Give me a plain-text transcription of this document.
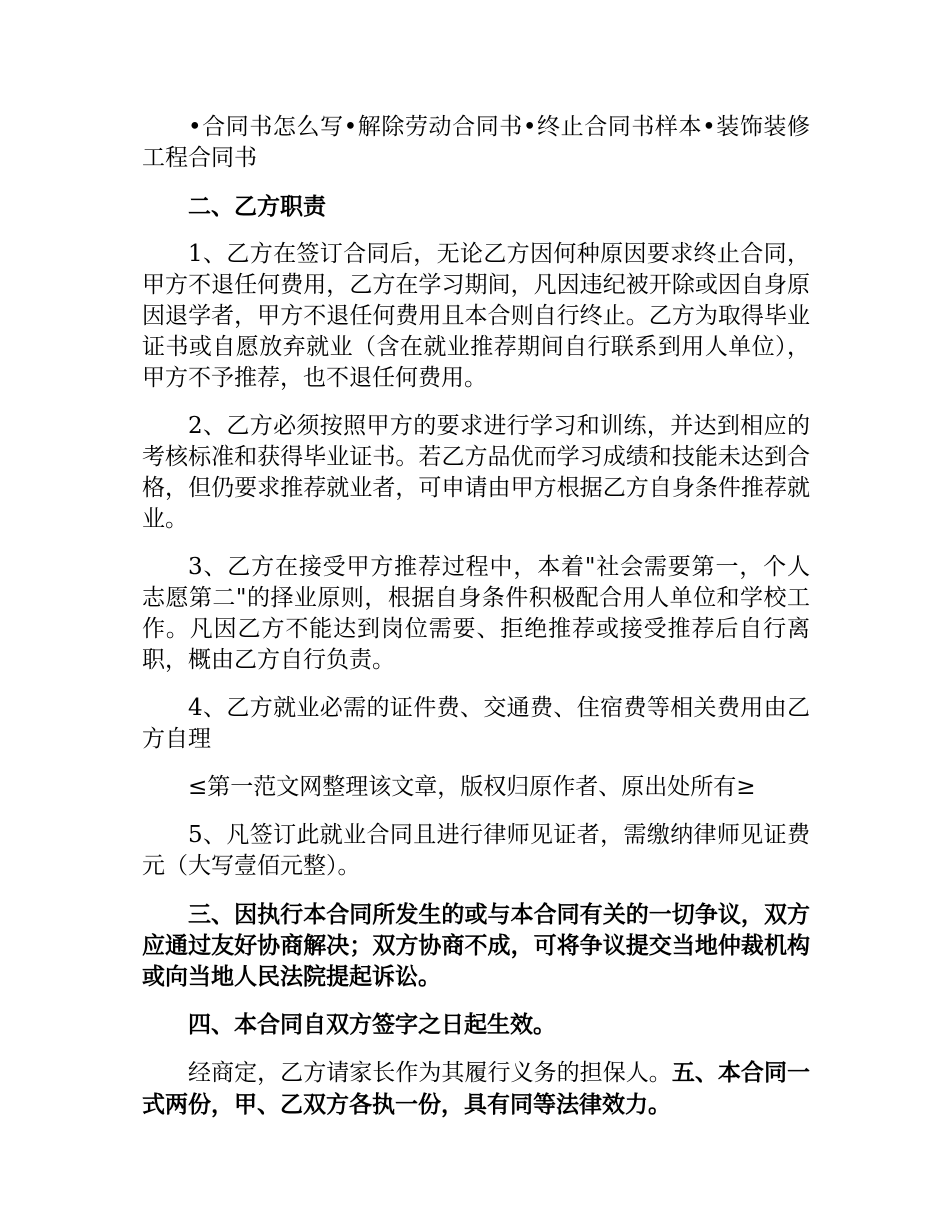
•合同书怎么写•解除劳动合同书•终止合同书样本•装饰装修工程合同书

二、乙方职责

1、乙方在签订合同后，无论乙方因何种原因要求终止合同，甲方不退任何费用，乙方在学习期间，凡因违纪被开除或因自身原因退学者，甲方不退任何费用且本合则自行终止。乙方为取得毕业证书或自愿放弃就业（含在就业推荐期间自行联系到用人单位），甲方不予推荐，也不退任何费用。

2、乙方必须按照甲方的要求进行学习和训练，并达到相应的考核标准和获得毕业证书。若乙方品优而学习成绩和技能未达到合格，但仍要求推荐就业者，可申请由甲方根据乙方自身条件推荐就业。

3、乙方在接受甲方推荐过程中，本着"社会需要第一，个人志愿第二"的择业原则，根据自身条件积极配合用人单位和学校工作。凡因乙方不能达到岗位需要、拒绝推荐或接受推荐后自行离职，概由乙方自行负责。

4、乙方就业必需的证件费、交通费、住宿费等相关费用由乙方自理

≤第一范文网整理该文章，版权归原作者、原出处所有≥

5、凡签订此就业合同且进行律师见证者，需缴纳律师见证费元（大写壹佰元整）。

三、因执行本合同所发生的或与本合同有关的一切争议，双方应通过友好协商解决；双方协商不成，可将争议提交当地仲裁机构或向当地人民法院提起诉讼。

四、本合同自双方签字之日起生效。

经商定，乙方请家长作为其履行义务的担保人。五、本合同一式两份，甲、乙双方各执一份，具有同等法律效力。
